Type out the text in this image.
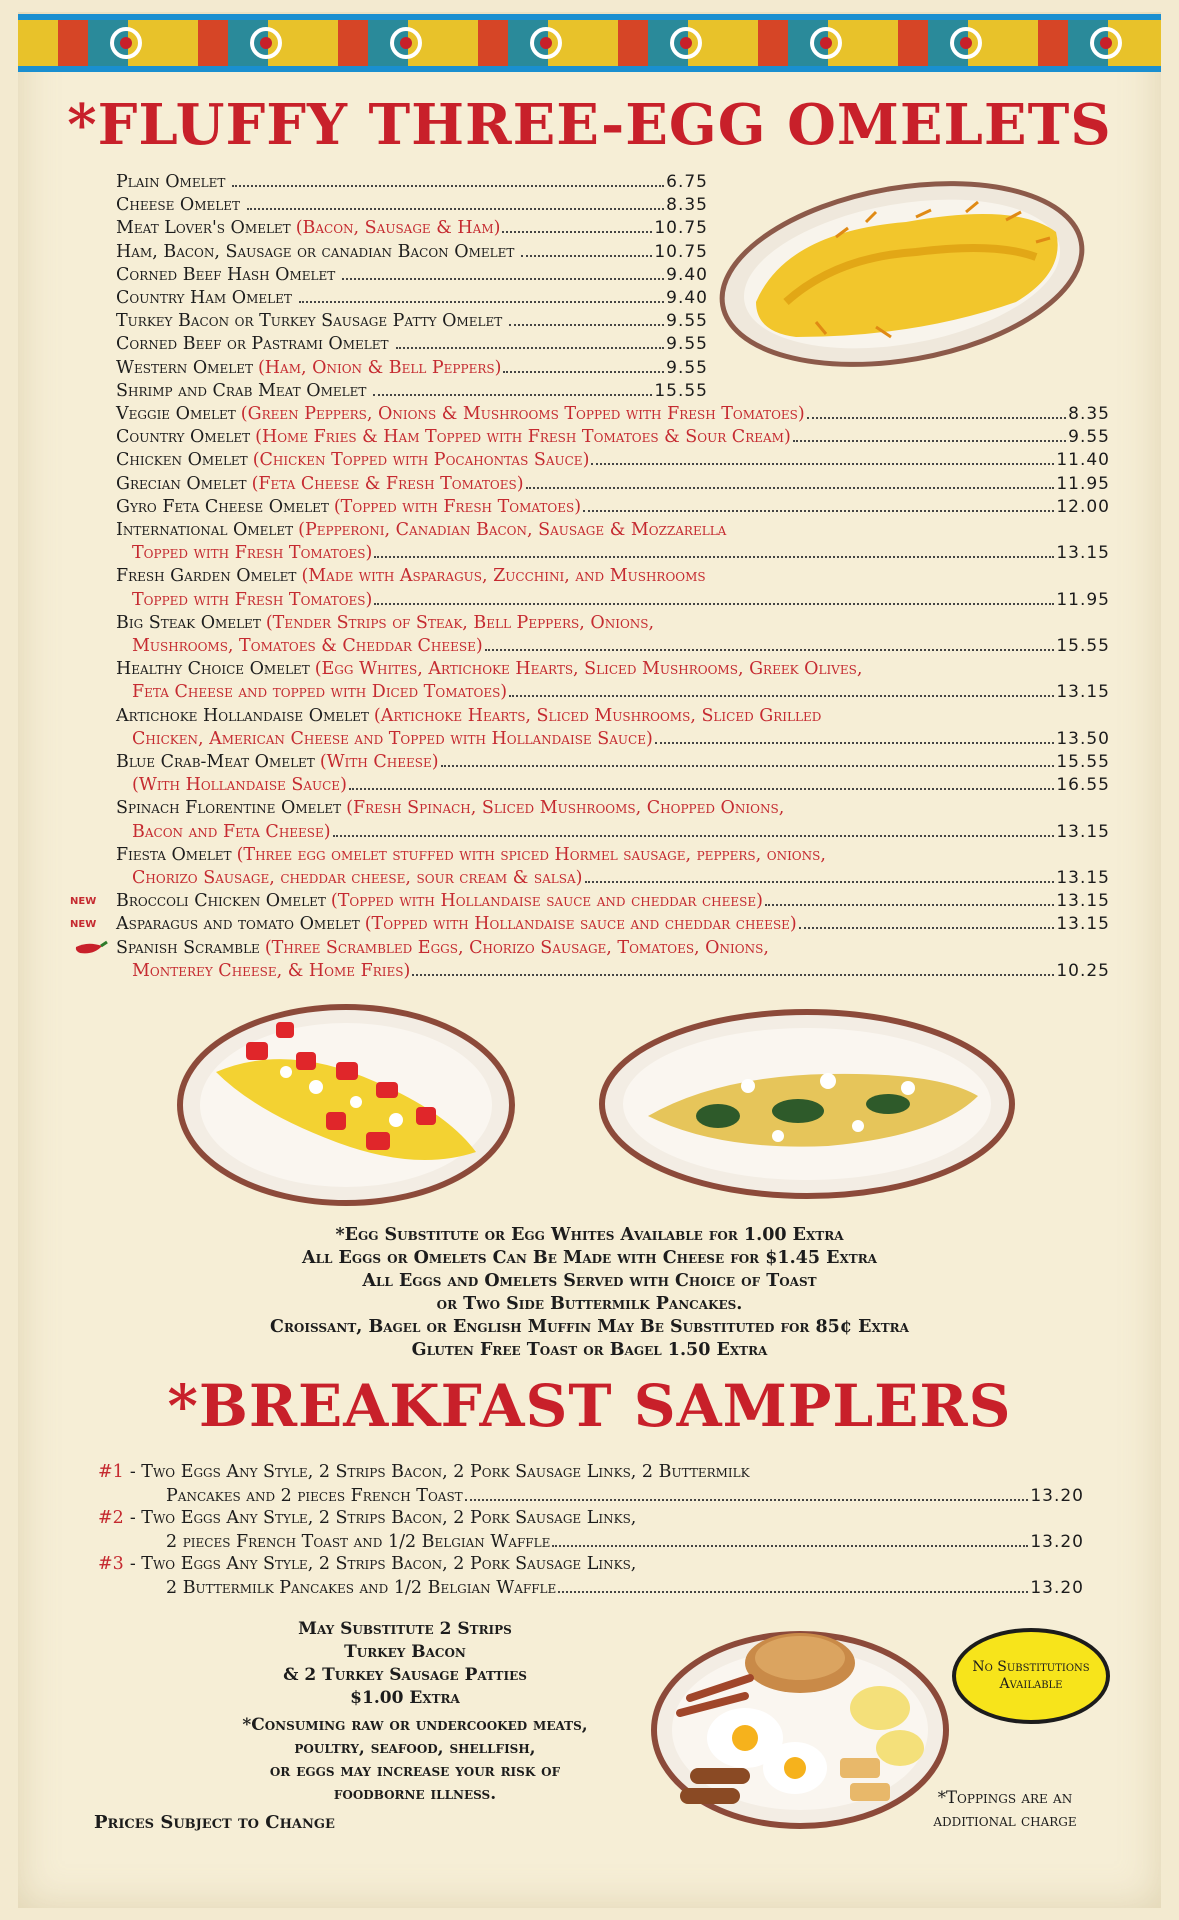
*FLUFFY THREE-EGG OMELETS
Plain Omelet	6.75
Cheese Omelet	8.35
Meat Lover's Omelet (Bacon, Sausage & Ham)	10.75
Ham, Bacon, Sausage or canadian Bacon Omelet	10.75
Corned Beef Hash Omelet	9.40
Country Ham Omelet	9.40
Turkey Bacon or Turkey Sausage Patty Omelet	9.55
Corned Beef or Pastrami Omelet	9.55
Western Omelet (Ham, Onion & Bell Peppers)	9.55
Shrimp and Crab Meat Omelet	15.55
Veggie Omelet (Green Peppers, Onions & Mushrooms Topped with Fresh Tomatoes)	8.35
Country Omelet (Home Fries & Ham Topped with Fresh Tomatoes & Sour Cream)	9.55
Chicken Omelet (Chicken Topped with Pocahontas Sauce)	11.40
Grecian Omelet (Feta Cheese & Fresh Tomatoes)	11.95
Gyro Feta Cheese Omelet (Topped with Fresh Tomatoes)	12.00
International Omelet (Pepperoni, Canadian Bacon, Sausage & Mozzarella
Topped with Fresh Tomatoes)	13.15
Fresh Garden Omelet (Made with Asparagus, Zucchini, and Mushrooms
Topped with Fresh Tomatoes)	11.95
Big Steak Omelet (Tender Strips of Steak, Bell Peppers, Onions,
Mushrooms, Tomatoes & Cheddar Cheese)	15.55
Healthy Choice Omelet (Egg Whites, Artichoke Hearts, Sliced Mushrooms, Greek Olives,
Feta Cheese and topped with Diced Tomatoes)	13.15
Artichoke Hollandaise Omelet (Artichoke Hearts, Sliced Mushrooms, Sliced Grilled
Chicken, American Cheese and Topped with Hollandaise Sauce)	13.50
Blue Crab-Meat Omelet (With Cheese)	15.55
(With Hollandaise Sauce)	16.55
Spinach Florentine Omelet (Fresh Spinach, Sliced Mushrooms, Chopped Onions,
Bacon and Feta Cheese)	13.15
Fiesta Omelet (Three egg omelet stuffed with spiced Hormel sausage, peppers, onions,
Chorizo Sausage, cheddar cheese, sour cream & salsa)	13.15
Broccoli Chicken Omelet (Topped with Hollandaise sauce and cheddar cheese)	13.15
new
Asparagus and tomato Omelet (Topped with Hollandaise sauce and cheddar cheese)	13.15
new
Spanish Scramble (Three Scrambled Eggs, Chorizo Sausage, Tomatoes, Onions,
Monterey Cheese, & Home Fries)	10.25
*Egg Substitute or Egg Whites Available for 1.00 Extra
All Eggs or Omelets Can Be Made with Cheese for $1.45 Extra
All Eggs and Omelets Served with Choice of Toast
or Two Side Buttermilk Pancakes.
Croissant, Bagel or English Muffin May Be Substituted for 85¢ Extra
Gluten Free Toast or Bagel 1.50 Extra
*BREAKFAST SAMPLERS
#1 - Two Eggs Any Style, 2 Strips Bacon, 2 Pork Sausage Links, 2 Buttermilk
Pancakes and 2 pieces French Toast	13.20
#2 - Two Eggs Any Style, 2 Strips Bacon, 2 Pork Sausage Links,
2 pieces French Toast and 1/2 Belgian Waffle	13.20
#3 - Two Eggs Any Style, 2 Strips Bacon, 2 Pork Sausage Links,
2 Buttermilk Pancakes and 1/2 Belgian Waffle	13.20
May Substitute 2 Strips
Turkey Bacon
& 2 Turkey Sausage Patties
$1.00 Extra
*Consuming raw or undercooked meats,
poultry, seafood, shellfish,
or eggs may increase your risk of
foodborne illness.
Prices Subject to Change
No Substitutions Available
*Toppings are an
additional charge
